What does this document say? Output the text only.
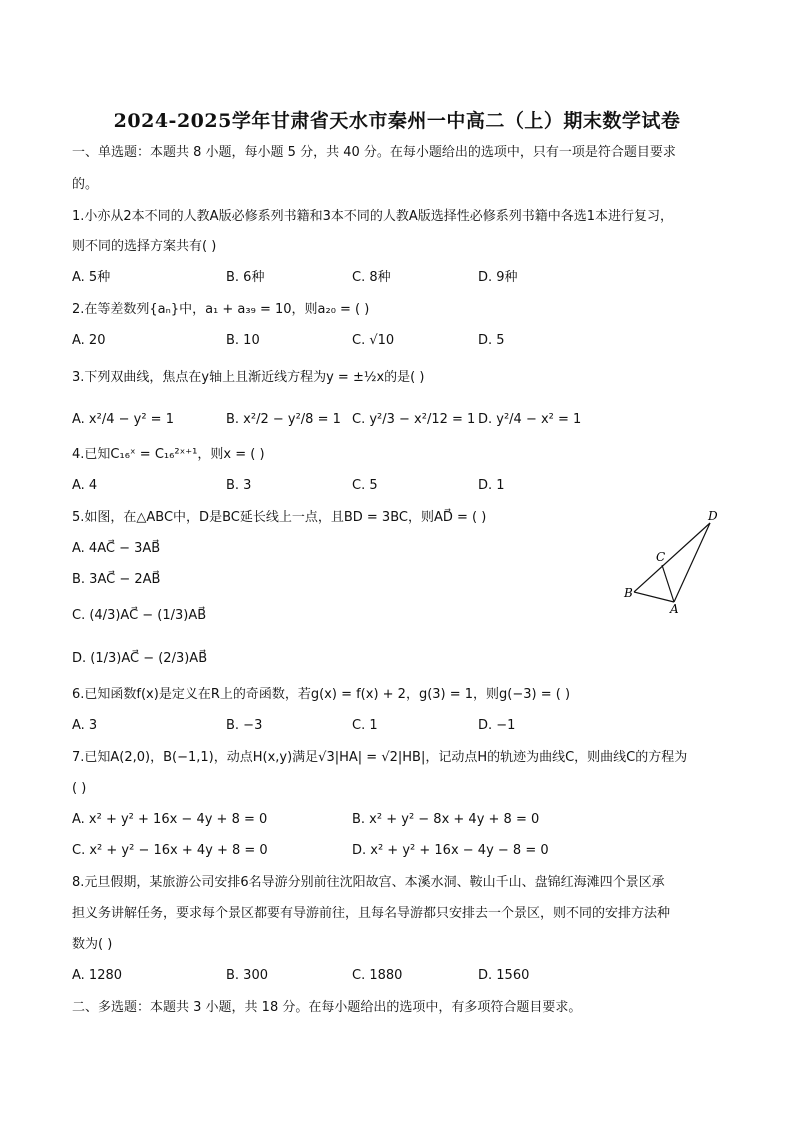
2024-2025学年甘肃省天水市秦州一中高二（上）期末数学试卷
一、单选题：本题共 8 小题，每小题 5 分，共 40 分。在每小题给出的选项中，只有一项是符合题目要求
的。
1.小亦从2本不同的人教A版必修系列书籍和3本不同的人教A版选择性必修系列书籍中各选1本进行复习，
则不同的选择方案共有( )
A. 5种	B. 6种	C. 8种	D. 9种
2.在等差数列{aₙ}中，a₁ + a₃₉ = 10，则a₂₀ = ( )
A. 20	B. 10	C. √10	D. 5
3.下列双曲线，焦点在y轴上且渐近线方程为y = ±½x的是( )
A. x²/4 − y² = 1	B. x²/2 − y²/8 = 1 C. y²/3 − x²/12 = 1 D. y²/4 − x² = 1
4.已知C₁₆ˣ = C₁₆²ˣ⁺¹，则x = ( )
A. 4	B. 3	C. 5	D. 1
5.如图，在△ABC中，D是BC延长线上一点，且BD = 3BC，则AD⃗ = ( )
A. 4AC⃗ − 3AB⃗
B. 3AC⃗ − 2AB⃗
C. (4/3)AC⃗ − (1/3)AB⃗
D. (1/3)AC⃗ − (2/3)AB⃗
D
C
B
A
6.已知函数f(x)是定义在R上的奇函数，若g(x) = f(x) + 2，g(3) = 1，则g(−3) = ( )
A. 3	B. −3	C. 1	D. −1
7.已知A(2,0)，B(−1,1)，动点H(x,y)满足√3|HA| = √2|HB|，记动点H的轨迹为曲线C，则曲线C的方程为
( )
A. x² + y² + 16x − 4y + 8 = 0	B. x² + y² − 8x + 4y + 8 = 0
C. x² + y² − 16x + 4y + 8 = 0	D. x² + y² + 16x − 4y − 8 = 0
8.元旦假期，某旅游公司安排6名导游分别前往沈阳故宫、本溪水洞、鞍山千山、盘锦红海滩四个景区承
担义务讲解任务，要求每个景区都要有导游前往，且每名导游都只安排去一个景区，则不同的安排方法种
数为( )
A. 1280	B. 300	C. 1880	D. 1560
二、多选题：本题共 3 小题，共 18 分。在每小题给出的选项中，有多项符合题目要求。
